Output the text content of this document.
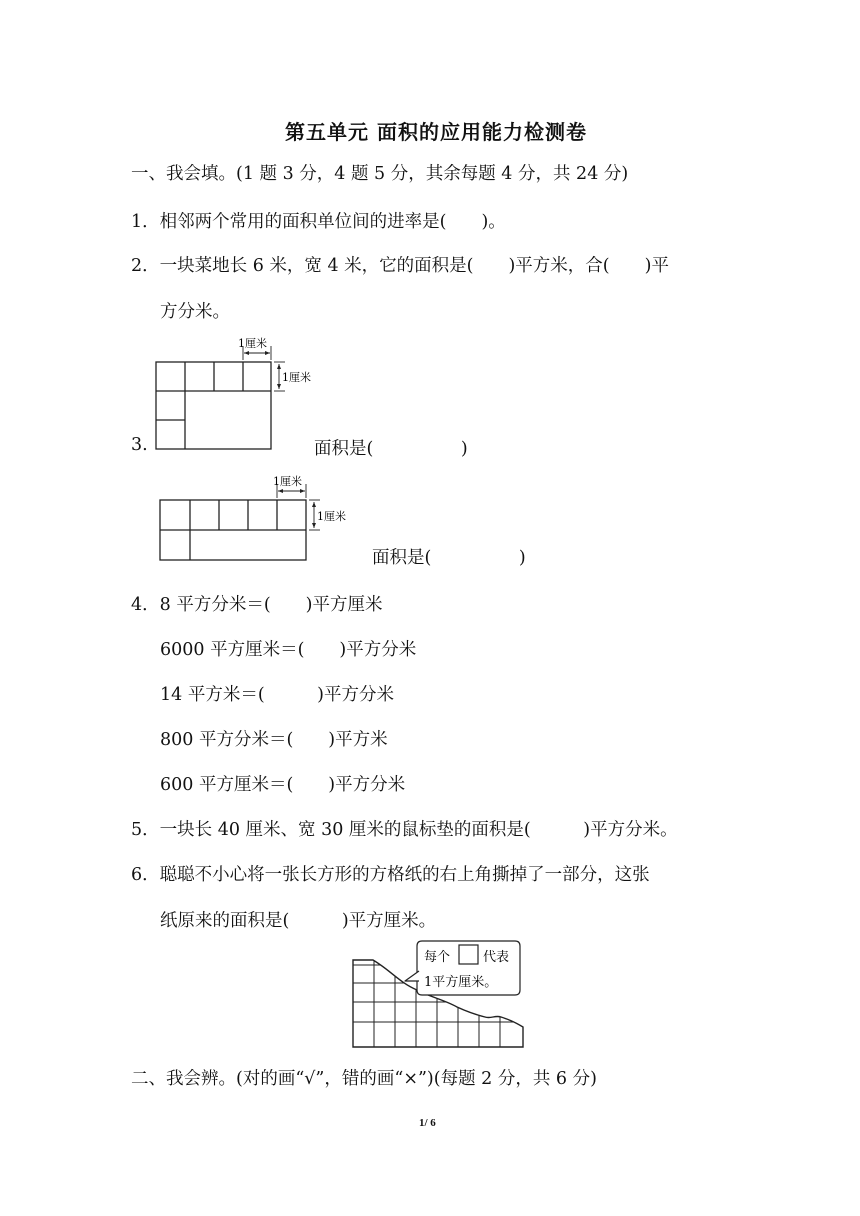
第五单元 面积的应用能力检测卷
一、我会填。(1 题 3 分，4 题 5 分，其余每题 4 分，共 24 分)
1．相邻两个常用的面积单位间的进率是(　　)。
2．一块菜地长 6 米，宽 4 米，它的面积是(　　)平方米，合(　　)平
方分米。
1厘米
1厘米
3.	面积是(　　　　　)
1厘米
1厘米
面积是(　　　　　)
4．8 平方分米＝(　　)平方厘米
6000 平方厘米＝(　　)平方分米
14 平方米＝(　　　)平方分米
800 平方分米＝(　　)平方米
600 平方厘米＝(　　)平方分米
5．一块长 40 厘米、宽 30 厘米的鼠标垫的面积是(　　　)平方分米。
6．聪聪不小心将一张长方形的方格纸的右上角撕掉了一部分，这张
纸原来的面积是(　　　)平方厘米。
每个	代表
1平方厘米。
二、我会辨。(对的画“√”，错的画“×”)(每题 2 分，共 6 分)
1/ 6
